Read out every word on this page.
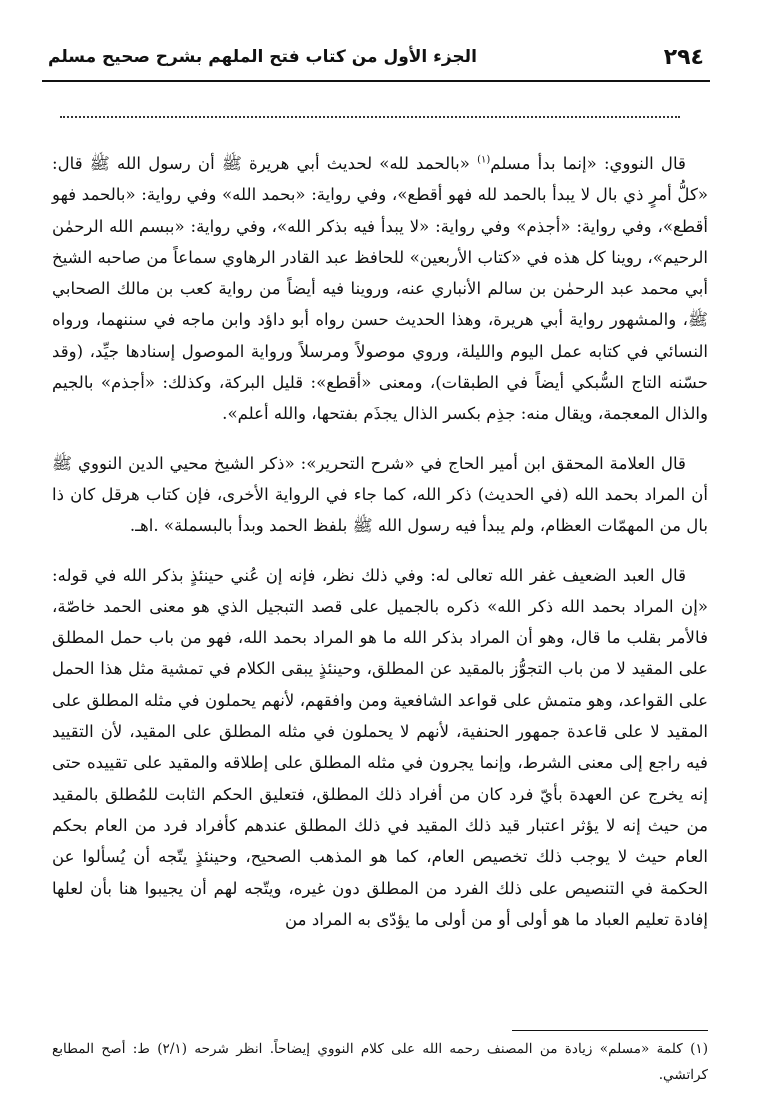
٢٩٤
الجزء الأول من كتاب فتح الملهم بشرح صحيح مسلم

قال النووي: «إنما بدأ مسلم$^{(١)}$ «بالحمد لله» لحديث أبي هريرة ﷺ أن رسول الله ﷺ قال: «كلُّ أمرٍ ذي بال لا يبدأ بالحمد لله فهو أقطع»، وفي رواية: «بحمد الله» وفي رواية: «بالحمد فهو أقطع»، وفي رواية: «أجذم» وفي رواية: «لا يبدأ فيه بذكر الله»، وفي رواية: «ببسم الله الرحمٰن الرحيم»، روينا كل هذه في «كتاب الأربعين» للحافظ عبد القادر الرهاوي سماعاً من صاحبه الشيخ أبي محمد عبد الرحمٰن بن سالم الأنباري عنه، وروينا فيه أيضاً من رواية كعب بن مالك الصحابي ﷺ، والمشهور رواية أبي هريرة، وهذا الحديث حسن رواه أبو داؤد وابن ماجه في سننهما، ورواه النسائي في كتابه عمل اليوم والليلة، وروي موصولاً ومرسلاً ورواية الموصول إسنادها جيِّد، (وقد حسّنه التاج السُّبكي أيضاً في الطبقات)، ومعنى «أقطع»: قليل البركة، وكذلك: «أجذم» بالجيم والذال المعجمة، ويقال منه: جذِم بكسر الذال يجذَم بفتحها، والله أعلم».

قال العلامة المحقق ابن أمير الحاج في «شرح التحرير»: «ذكر الشيخ محيي الدين النووي ﷺ أن المراد بحمد الله (في الحديث) ذكر الله، كما جاء في الرواية الأخرى، فإن كتاب هرقل كان ذا بال من المهمّات العظام، ولم يبدأ فيه رسول الله ﷺ بلفظ الحمد وبدأ بالبسملة» .اهـ.

قال العبد الضعيف غفر الله تعالى له: وفي ذلك نظر، فإنه إن عُني حينئذٍ بذكر الله في قوله: «إن المراد بحمد الله ذكر الله» ذكره بالجميل على قصد التبجيل الذي هو معنى الحمد خاصّة، فالأمر بقلب ما قال، وهو أن المراد بذكر الله ما هو المراد بحمد الله، فهو من باب حمل المطلق على المقيد لا من باب التجوُّز بالمقيد عن المطلق، وحينئذٍ يبقى الكلام في تمشية مثل هذا الحمل على القواعد، وهو متمش على قواعد الشافعية ومن وافقهم، لأنهم يحملون في مثله المطلق على المقيد لا على قاعدة جمهور الحنفية، لأنهم لا يحملون في مثله المطلق على المقيد، لأن التقييد فيه راجع إلى معنى الشرط، وإنما يجرون في مثله المطلق على إطلاقه والمقيد على تقييده حتى إنه يخرج عن العهدة بأيّ فرد كان من أفراد ذلك المطلق، فتعليق الحكم الثابت للمُطلق بالمقيد من حيث إنه لا يؤثر اعتبار قيد ذلك المقيد في ذلك المطلق عندهم كأفراد فرد من العام بحكم العام حيث لا يوجب ذلك تخصيص العام، كما هو المذهب الصحيح، وحينئذٍ يتّجه أن يُسألوا عن الحكمة في التنصيص على ذلك الفرد من المطلق دون غيره، ويتّجه لهم أن يجيبوا هنا بأن لعلها إفادة تعليم العباد ما هو أولى أو من أولى ما يؤدّى به المراد من

(١) كلمة «مسلم» زيادة من المصنف رحمه الله على كلام النووي إيضاحاً. انظر شرحه (٢/١) ط: أصح المطابع كراتشي.
